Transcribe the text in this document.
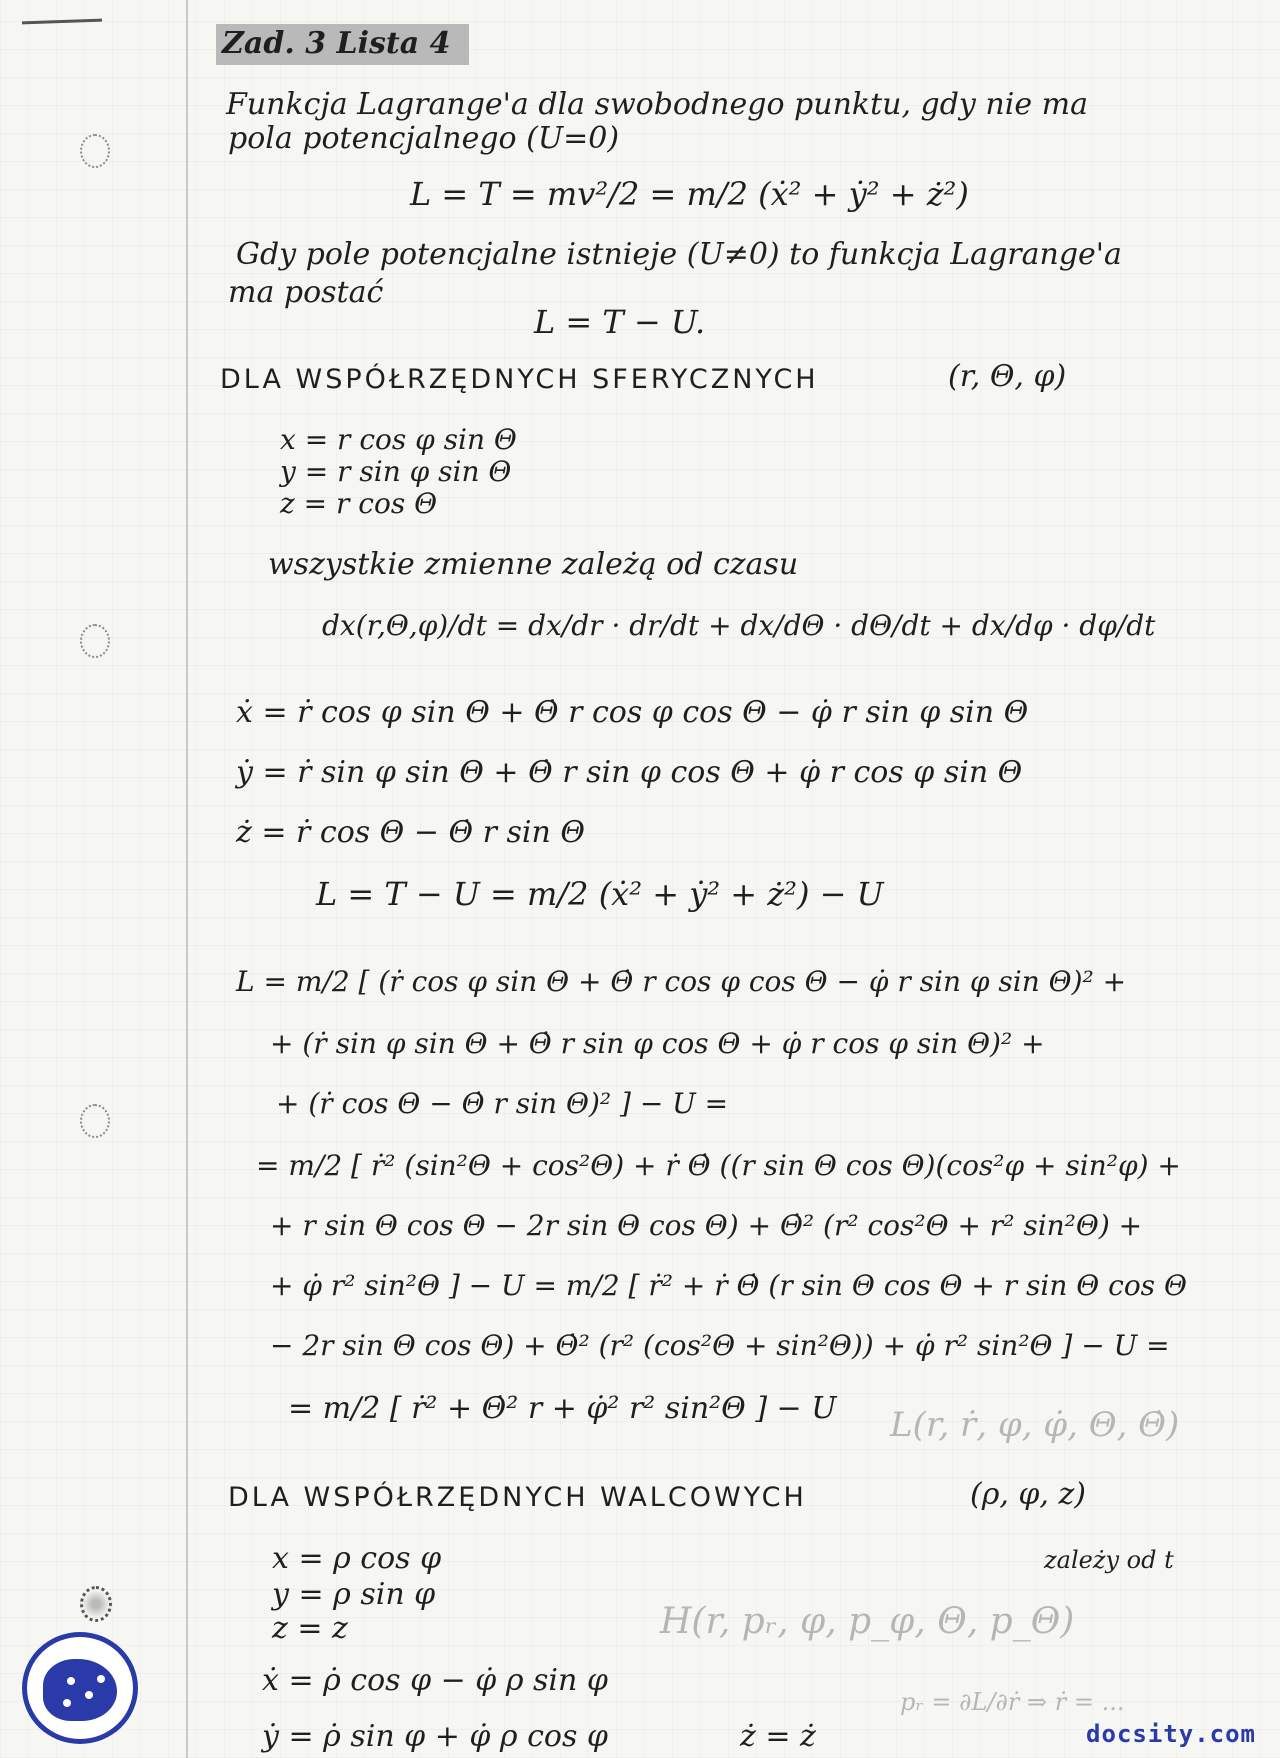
Zad. 3 Lista 4
Funkcja Lagrange'a dla swobodnego punktu, gdy nie ma
pola potencjalnego (U=0)
L = T = mv²/2 = m/2 (ẋ² + ẏ² + ż²)
Gdy pole potencjalne istnieje (U≠0) to funkcja Lagrange'a
ma postać
L = T − U.
DLA WSPÓŁRZĘDNYCH SFERYCZNYCH	(r, Θ, φ)
x = r cos φ sin Θ
y = r sin φ sin Θ
z = r cos Θ
wszystkie zmienne zależą od czasu
dx(r,Θ,φ)/dt = dx/dr · dr/dt + dx/dΘ · dΘ/dt + dx/dφ · dφ/dt
ẋ = ṙ cos φ sin Θ + Θ̇ r cos φ cos Θ − φ̇ r sin φ sin Θ
ẏ = ṙ sin φ sin Θ + Θ̇ r sin φ cos Θ + φ̇ r cos φ sin Θ
ż = ṙ cos Θ − Θ̇ r sin Θ
L = T − U = m/2 (ẋ² + ẏ² + ż²) − U
L = m/2 [ (ṙ cos φ sin Θ + Θ̇ r cos φ cos Θ − φ̇ r sin φ sin Θ)² +
+ (ṙ sin φ sin Θ + Θ̇ r sin φ cos Θ + φ̇ r cos φ sin Θ)² +
+ (ṙ cos Θ − Θ̇ r sin Θ)² ] − U =
= m/2 [ ṙ² (sin²Θ + cos²Θ) + ṙ Θ̇ ((r sin Θ cos Θ)(cos²φ + sin²φ) +
+ r sin Θ cos Θ − 2r sin Θ cos Θ) + Θ̇² (r² cos²Θ + r² sin²Θ) +
+ φ̇ r² sin²Θ ] − U = m/2 [ ṙ² + ṙ Θ̇ (r sin Θ cos Θ + r sin Θ cos Θ
− 2r sin Θ cos Θ) + Θ̇² (r² (cos²Θ + sin²Θ)) + φ̇ r² sin²Θ ] − U =
= m/2 [ ṙ² + Θ̇² r + φ̇² r² sin²Θ ] − U L(r, ṙ, φ, φ̇, Θ, Θ̇)
DLA WSPÓŁRZĘDNYCH WALCOWYCH	(ρ, φ, z)
zależy od t
x = ρ cos φ
y = ρ sin φ
z = z	H(r, pᵣ, φ, p_φ, Θ, p_Θ)
ẋ = ρ̇ cos φ − φ̇ ρ sin φ
ẏ = ρ̇ sin φ + φ̇ ρ cos φ	ż = ż
pᵣ = ∂L/∂ṙ ⇒ ṙ = ...
docsity.com
